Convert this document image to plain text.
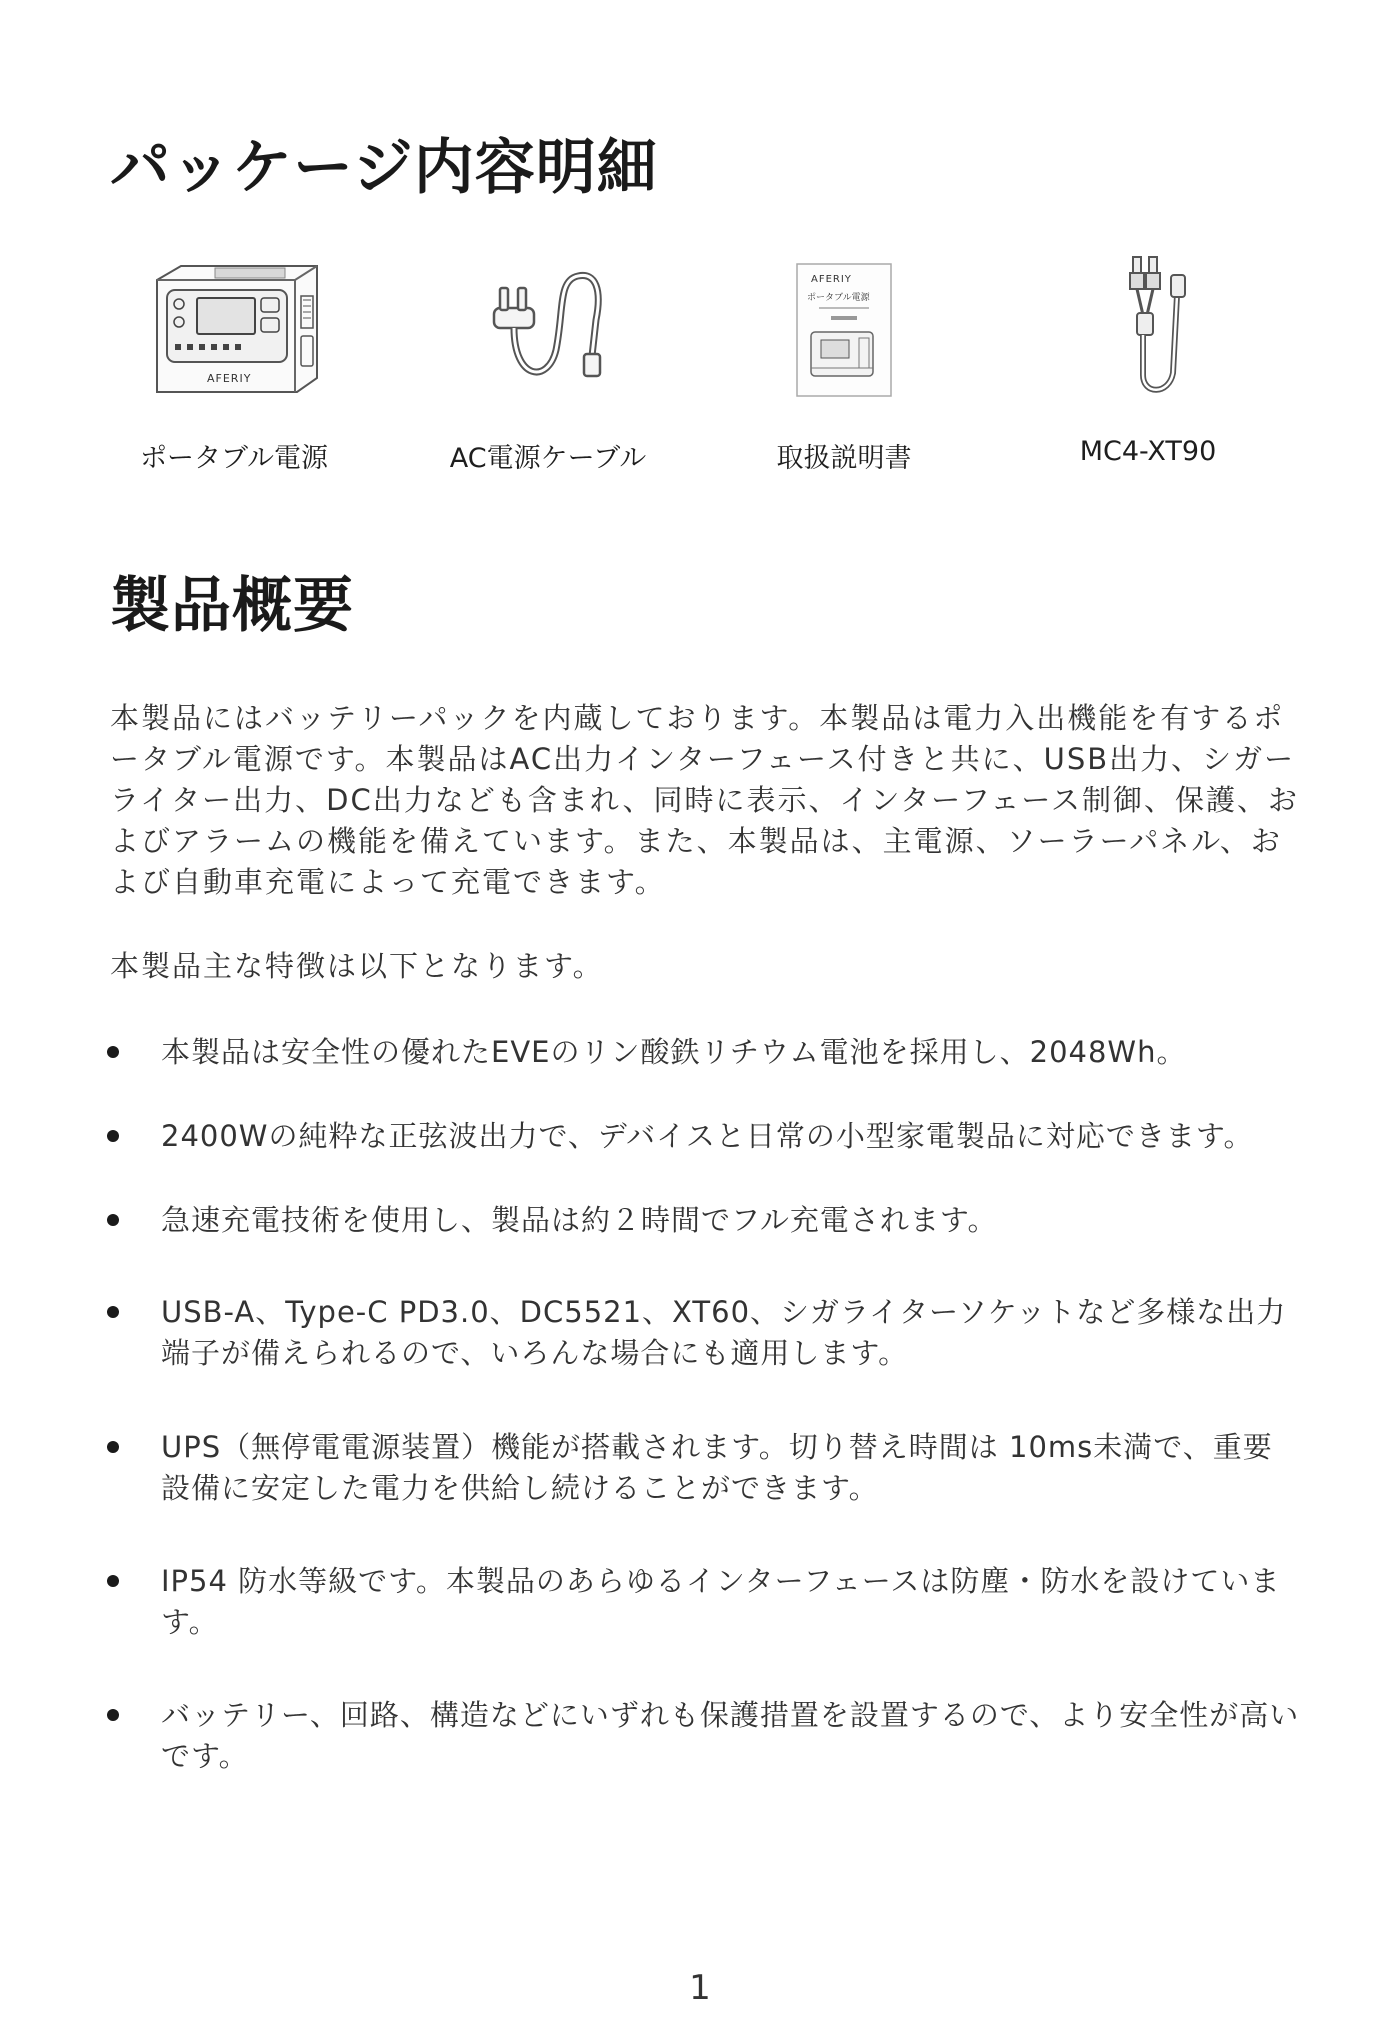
パッケージ内容明細
AFERIY
ポータブル電源	AC電源ケーブル
AFERIY
ポータブル電源
取扱説明書	MC4-XT90
製品概要

本製品にはバッテリーパックを内蔵しております。本製品は電力入出機能を有するポータブル電源です。本製品はAC出力インターフェース付きと共に、USB出力、シガーライター出力、DC出力なども含まれ、同時に表示、インターフェース制御、保護、およびアラームの機能を備えています。また、本製品は、主電源、ソーラーパネル、および自動車充電によって充電できます。

本製品主な特徴は以下となります。

本製品は安全性の優れたEVEのリン酸鉄リチウム電池を採用し、2048Wh。
2400Wの純粋な正弦波出力で、デバイスと日常の小型家電製品に対応できます。
急速充電技術を使用し、製品は約２時間でフル充電されます。
USB-A、Type-C PD3.0、DC5521、XT60、シガライターソケットなど多様な出力端子が備えられるので、いろんな場合にも適用します。
UPS（無停電電源装置）機能が搭載されます。切り替え時間は 10ms未満で、重要設備に安定した電力を供給し続けることができます。
IP54 防水等級です。本製品のあらゆるインターフェースは防塵・防水を設けています。
バッテリー、回路、構造などにいずれも保護措置を設置するので、より安全性が高いです。
1
